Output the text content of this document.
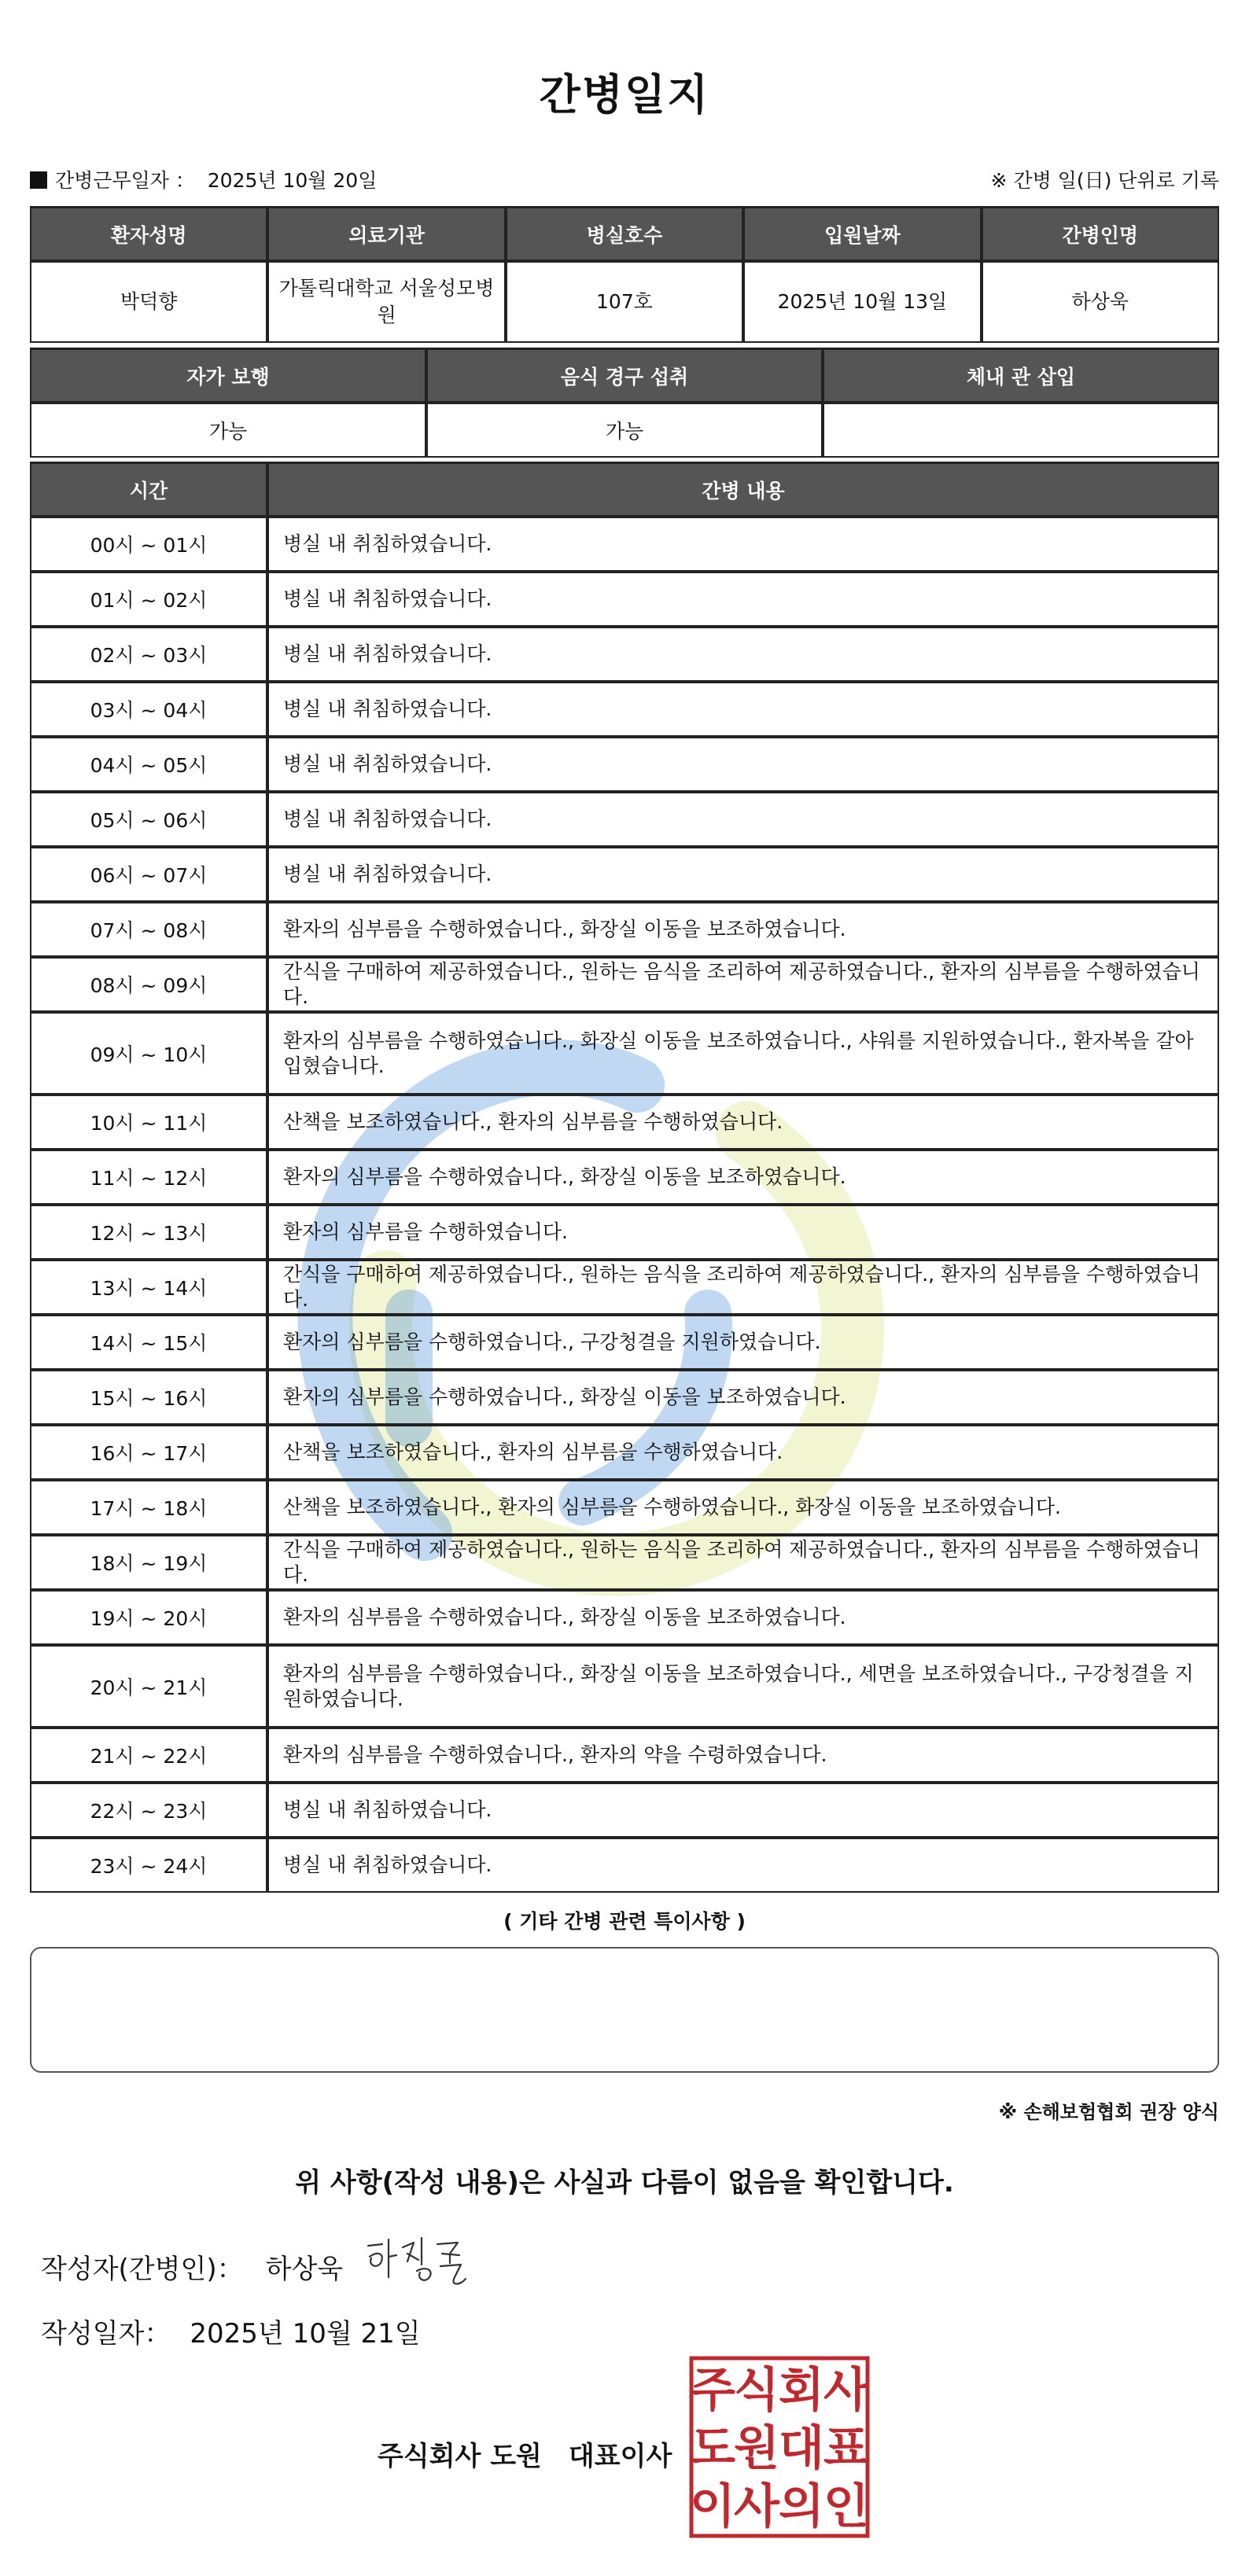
간병일지
간병근무일자 ： 2025년 10월 20일	※ 간병 일(日) 단위로 기록
환자성명	의료기관	병실호수	입원날짜	간병인명
박덕향	가톨릭대학교 서울성모병원	107호	2025년 10월 13일	하상욱
자가 보행	음식 경구 섭취	체내 관 삽입
가능	가능	
시간	간병 내용
00시 ~ 01시	병실 내 취침하였습니다.
01시 ~ 02시	병실 내 취침하였습니다.
02시 ~ 03시	병실 내 취침하였습니다.
03시 ~ 04시	병실 내 취침하였습니다.
04시 ~ 05시	병실 내 취침하였습니다.
05시 ~ 06시	병실 내 취침하였습니다.
06시 ~ 07시	병실 내 취침하였습니다.
07시 ~ 08시	환자의 심부름을 수행하였습니다., 화장실 이동을 보조하였습니다.
08시 ~ 09시	간식을 구매하여 제공하였습니다., 원하는 음식을 조리하여 제공하였습니다., 환자의 심부름을 수행하였습니다.
09시 ~ 10시	환자의 심부름을 수행하였습니다., 화장실 이동을 보조하였습니다., 샤워를 지원하였습니다., 환자복을 갈아입혔습니다.
10시 ~ 11시	산책을 보조하였습니다., 환자의 심부름을 수행하였습니다.
11시 ~ 12시	환자의 심부름을 수행하였습니다., 화장실 이동을 보조하였습니다.
12시 ~ 13시	환자의 심부름을 수행하였습니다.
13시 ~ 14시	간식을 구매하여 제공하였습니다., 원하는 음식을 조리하여 제공하였습니다., 환자의 심부름을 수행하였습니다.
14시 ~ 15시	환자의 심부름을 수행하였습니다., 구강청결을 지원하였습니다.
15시 ~ 16시	환자의 심부름을 수행하였습니다., 화장실 이동을 보조하였습니다.
16시 ~ 17시	산책을 보조하였습니다., 환자의 심부름을 수행하였습니다.
17시 ~ 18시	산책을 보조하였습니다., 환자의 심부름을 수행하였습니다., 화장실 이동을 보조하였습니다.
18시 ~ 19시	간식을 구매하여 제공하였습니다., 원하는 음식을 조리하여 제공하였습니다., 환자의 심부름을 수행하였습니다.
19시 ~ 20시	환자의 심부름을 수행하였습니다., 화장실 이동을 보조하였습니다.
20시 ~ 21시	환자의 심부름을 수행하였습니다., 화장실 이동을 보조하였습니다., 세면을 보조하였습니다., 구강청결을 지원하였습니다.
21시 ~ 22시	환자의 심부름을 수행하였습니다., 환자의 약을 수령하였습니다.
22시 ~ 23시	병실 내 취침하였습니다.
23시 ~ 24시	병실 내 취침하였습니다.
( 기타 간병 관련 특이사항 )
※ 손해보험협회 권장 양식
위 사항(작성 내용)은 사실과 다름이 없음을 확인합니다.
작성자(간병인)： 하상욱
작성일자： 2025년 10월 21일
주식회사 도원 대표이사
주
식 회 사
도
원 대 표
이
사 의 인
